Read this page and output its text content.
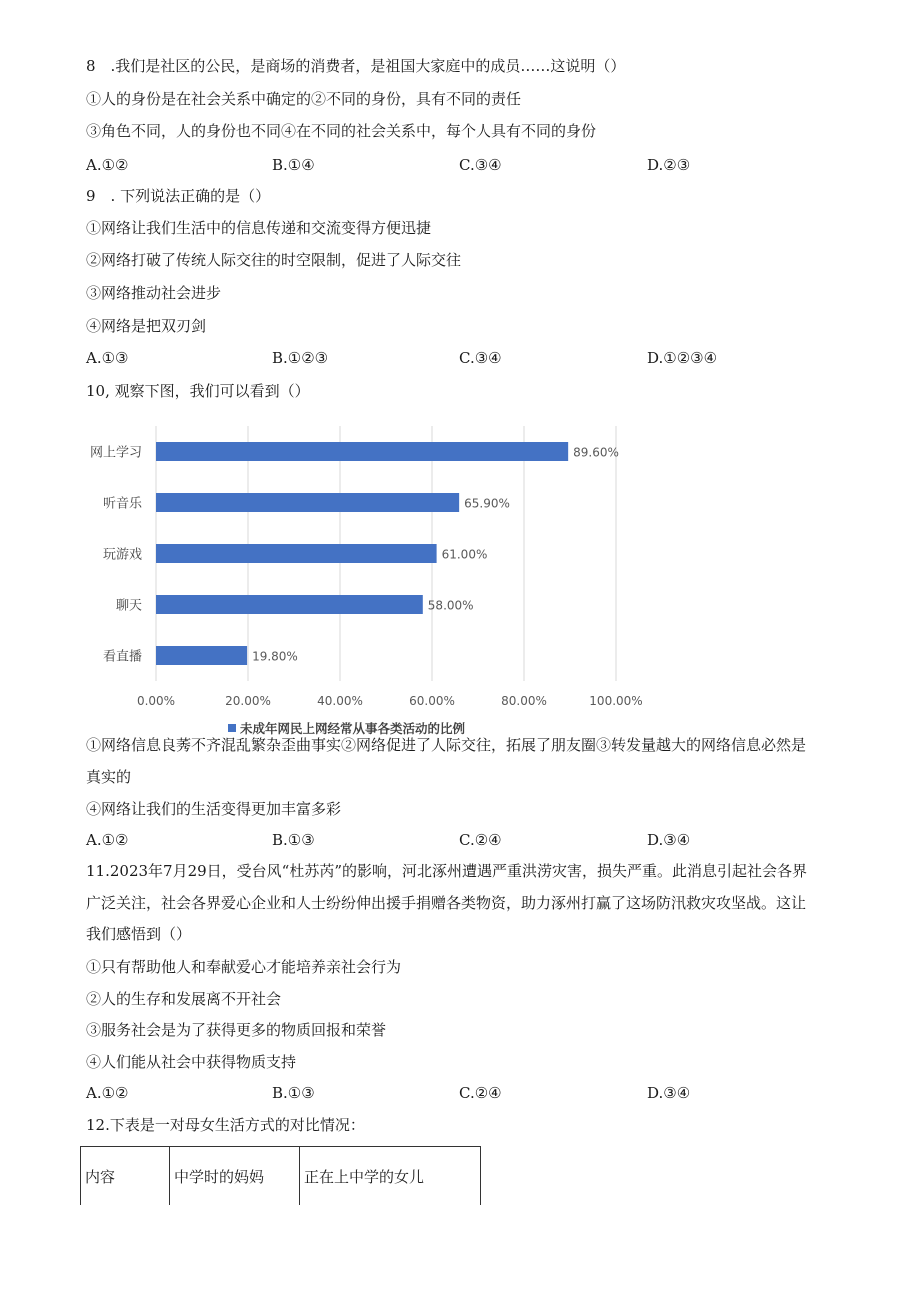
8　.我们是社区的公民，是商场的消费者，是祖国大家庭中的成员……这说明（）
①人的身份是在社会关系中确定的②不同的身份，具有不同的责任
③角色不同，人的身份也不同④在不同的社会关系中，每个人具有不同的身份
A.①②	B.①④	C.③④	D.②③
9　. 下列说法正确的是（）
①网络让我们生活中的信息传递和交流变得方便迅捷
②网络打破了传统人际交往的时空限制，促进了人际交往
③网络推动社会进步
④网络是把双刃剑
A.①③	B.①②③	C.③④	D.①②③④
10, 观察下图，我们可以看到（）
0.00%	20.00%	40.00%	60.00%	80.00%	100.00%
网上学习	89.60%
听音乐	65.90%
玩游戏	61.00%
聊天	58.00%
看直播	19.80%
未成年网民上网经常从事各类活动的比例
①网络信息良莠不齐混乱繁杂歪曲事实②网络促进了人际交往，拓展了朋友圈③转发量越大的网络信息必然是
真实的
④网络让我们的生活变得更加丰富多彩
A.①②	B.①③	C.②④	D.③④
11.2023年7月29日，受台风“杜苏芮”的影响，河北涿州遭遇严重洪涝灾害，损失严重。此消息引起社会各界
广泛关注，社会各界爱心企业和人士纷纷伸出援手捐赠各类物资，助力涿州打赢了这场防汛救灾攻坚战。这让
我们感悟到（）
①只有帮助他人和奉献爱心才能培养亲社会行为
②人的生存和发展离不开社会
③服务社会是为了获得更多的物质回报和荣誉
④人们能从社会中获得物质支持
A.①②	B.①③	C.②④	D.③④
12.下表是一对母女生活方式的对比情况：
内容	中学时的妈妈	正在上中学的女儿
